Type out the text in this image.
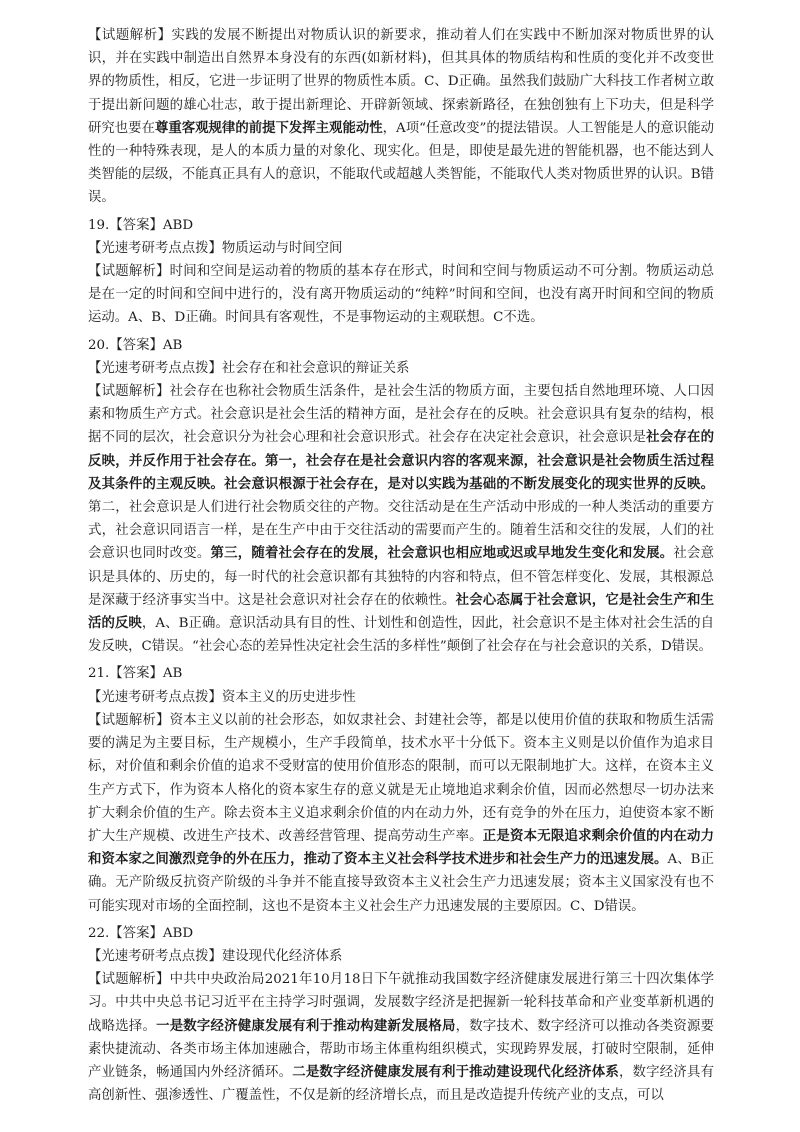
【试题解析】实践的发展不断提出对物质认识的新要求，推动着人们在实践中不断加深对物质世界的认识，并在实践中制造出自然界本身没有的东西(如新材料)，但其具体的物质结构和性质的变化并不改变世界的物质性，相反，它进一步证明了世界的物质性本质。C、D正确。虽然我们鼓励广大科技工作者树立敢于提出新问题的雄心壮志，敢于提出新理论、开辟新领域、探索新路径，在独创独有上下功夫，但是科学研究也要在尊重客观规律的前提下发挥主观能动性，A项“任意改变”的提法错误。人工智能是人的意识能动性的一种特殊表现，是人的本质力量的对象化、现实化。但是，即使是最先进的智能机器，也不能达到人类智能的层级，不能真正具有人的意识，不能取代或超越人类智能，不能取代人类对物质世界的认识。B错误。

19.【答案】ABD

【光速考研考点点拨】物质运动与时间空间

【试题解析】时间和空间是运动着的物质的基本存在形式，时间和空间与物质运动不可分割。物质运动总是在一定的时间和空间中进行的，没有离开物质运动的“纯粹”时间和空间，也没有离开时间和空间的物质运动。A、B、D正确。时间具有客观性，不是事物运动的主观联想。C不选。

20.【答案】AB

【光速考研考点点拨】社会存在和社会意识的辩证关系

【试题解析】社会存在也称社会物质生活条件，是社会生活的物质方面，主要包括自然地理环境、人口因素和物质生产方式。社会意识是社会生活的精神方面，是社会存在的反映。社会意识具有复杂的结构，根据不同的层次，社会意识分为社会心理和社会意识形式。社会存在决定社会意识，社会意识是社会存在的反映，并反作用于社会存在。第一，社会存在是社会意识内容的客观来源，社会意识是社会物质生活过程及其条件的主观反映。社会意识根源于社会存在，是对以实践为基础的不断发展变化的现实世界的反映。第二，社会意识是人们进行社会物质交往的产物。交往活动是在生产活动中形成的一种人类活动的重要方式，社会意识同语言一样，是在生产中由于交往活动的需要而产生的。随着生活和交往的发展，人们的社会意识也同时改变。第三，随着社会存在的发展，社会意识也相应地或迟或早地发生变化和发展。社会意识是具体的、历史的，每一时代的社会意识都有其独特的内容和特点，但不管怎样变化、发展，其根源总是深藏于经济事实当中。这是社会意识对社会存在的依赖性。社会心态属于社会意识，它是社会生产和生活的反映，A、B正确。意识活动具有目的性、计划性和创造性，因此，社会意识不是主体对社会生活的自发反映，C错误。“社会心态的差异性决定社会生活的多样性”颠倒了社会存在与社会意识的关系，D错误。

21.【答案】AB

【光速考研考点点拨】资本主义的历史进步性

【试题解析】资本主义以前的社会形态，如奴隶社会、封建社会等，都是以使用价值的获取和物质生活需要的满足为主要目标，生产规模小，生产手段简单，技术水平十分低下。资本主义则是以价值作为追求目标，对价值和剩余价值的追求不受财富的使用价值形态的限制，而可以无限制地扩大。这样，在资本主义生产方式下，作为资本人格化的资本家生存的意义就是无止境地追求剩余价值，因而必然想尽一切办法来扩大剩余价值的生产。除去资本主义追求剩余价值的内在动力外，还有竞争的外在压力，迫使资本家不断扩大生产规模、改进生产技术、改善经营管理、提高劳动生产率。正是资本无限追求剩余价值的内在动力和资本家之间激烈竞争的外在压力，推动了资本主义社会科学技术进步和社会生产力的迅速发展。A、B正确。无产阶级反抗资产阶级的斗争并不能直接导致资本主义社会生产力迅速发展；资本主义国家没有也不可能实现对市场的全面控制，这也不是资本主义社会生产力迅速发展的主要原因。C、D错误。

22.【答案】ABD

【光速考研考点点拨】建设现代化经济体系

【试题解析】中共中央政治局2021年10月18日下午就推动我国数字经济健康发展进行第三十四次集体学习。中共中央总书记习近平在主持学习时强调，发展数字经济是把握新一轮科技革命和产业变革新机遇的战略选择。一是数字经济健康发展有利于推动构建新发展格局，数字技术、数字经济可以推动各类资源要素快捷流动、各类市场主体加速融合，帮助市场主体重构组织模式，实现跨界发展，打破时空限制，延伸产业链条，畅通国内外经济循环。二是数字经济健康发展有利于推动建设现代化经济体系，数字经济具有高创新性、强渗透性、广覆盖性，不仅是新的经济增长点，而且是改造提升传统产业的支点，可以
